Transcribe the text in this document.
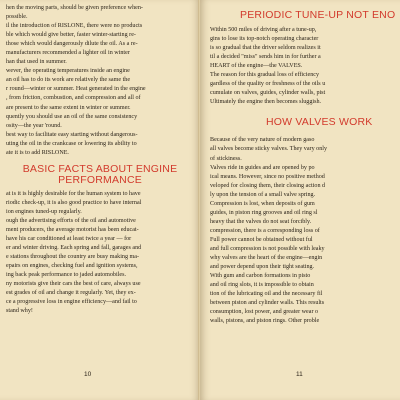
hen the moving parts, should be given preference when-

possible.

il the introduction of RISLONE, there were no products

ble which would give better, faster winter-starting re-

those which would dangerously dilute the oil. As a re-

manufacturers recommended a lighter oil in winter

han that used in summer.

wever, the operating temperatures inside an engine

an oil has to do its work are relatively the same the

r round—winter or summer. Heat generated in the engine

, from friction, combustion, and compression and all of

are present to the same extent in winter or summer.

quently you should use an oil of the same consistency

osity—the year 'round.

best way to facilitate easy starting without dangerous-

uting the oil in the crankcase or lowering its ability to

ate it is to add RISLONE.

BASIC FACTS ABOUT ENGINE
PERFORMANCE

at is it is highly desirable for the human system to have

riodic check-up, it is also good practice to have internal

ion engines tuned-up regularly.

ough the advertising efforts of the oil and automotive

ment producers, the average motorist has been educat-

have his car conditioned at least twice a year — for

er and winter driving. Each spring and fall, garages and

e stations throughout the country are busy making ma-

epairs on engines, checking fuel and ignition systems,

ing back peak performance to jaded automobiles.

ny motorists give their cars the best of care, always use

est grades of oil and change it regularly. Yet, they ex-

ce a progressive loss in engine efficiency—and fail to

stand why!

10
PERIODIC TUNE-UP NOT ENO

Within 500 miles of driving after a tune-up,

gins to lose its top-notch operating character

is so gradual that the driver seldom realizes it

til a decided "miss" sends him in for further a

HEART of the engine—the VALVES.

The reason for this gradual loss of efficiency

gardless of the quality or freshness of the oils u

cumulate on valves, guides, cylinder walls, pist

Ultimately the engine then becomes sluggish.

HOW VALVES WORK

Because of the very nature of modern gaso

all valves become sticky valves. They vary only

of stickiness.

Valves ride in guides and are opened by po

ical means. However, since no positive method

veloped for closing them, their closing action d

ly upon the tension of a small valve spring.

Compression is lost, when deposits of gum

guides, in piston ring grooves and oil ring sl

heavy that the valves do not seat forcibly.

compression, there is a corresponding loss of

Full power cannot be obtained without ful

and full compression is not possible with leaky

why valves are the heart of the engine—engin

and power depend upon their tight seating.

With gum and carbon formations in pisto

and oil ring slots, it is impossible to obtain

tion of the lubricating oil and the necessary fil

between piston and cylinder walls. This results

consumption, lost power, and greater wear o

walls, pistons, and piston rings. Other proble

11
